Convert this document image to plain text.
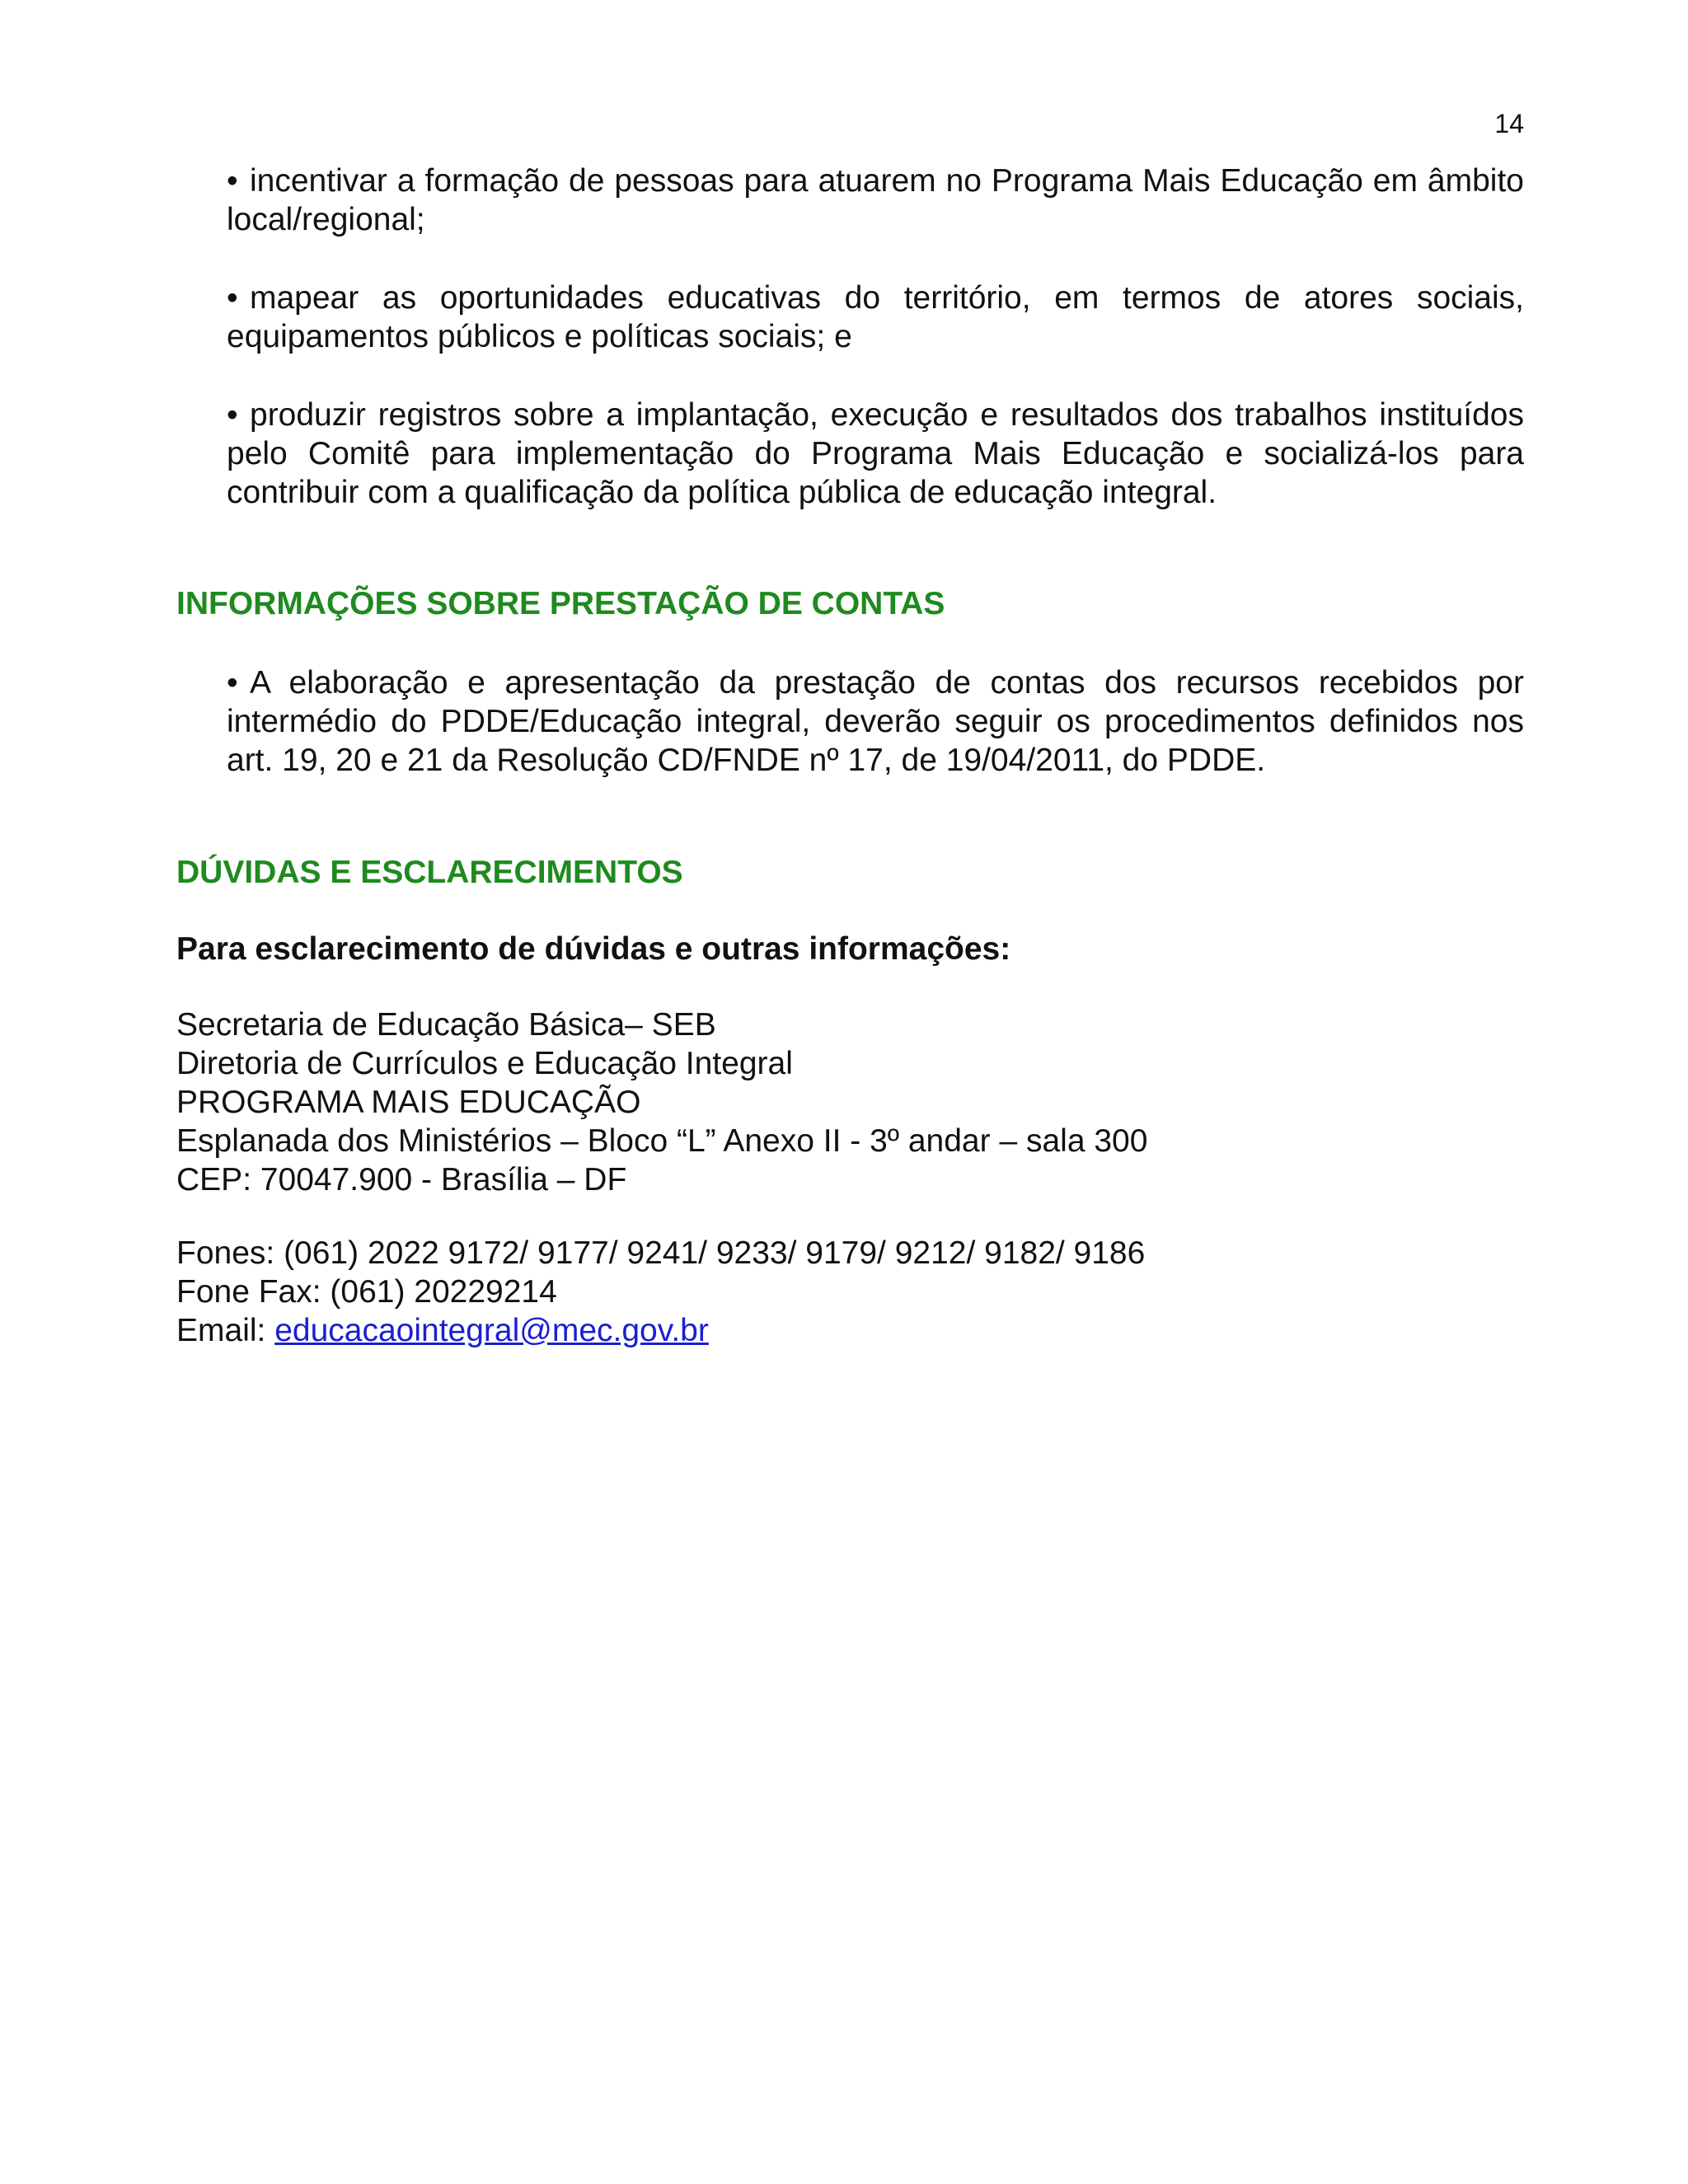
14
• incentivar a formação de pessoas para atuarem no Programa Mais Educação em âmbito local/regional;
• mapear as oportunidades educativas do território, em termos de atores sociais, equipamentos públicos e políticas sociais; e
• produzir registros sobre a implantação, execução e resultados dos trabalhos instituídos pelo Comitê para implementação do Programa Mais Educação e socializá-los para contribuir com a qualificação da política pública de educação integral.
INFORMAÇÕES SOBRE PRESTAÇÃO DE CONTAS
• A elaboração e apresentação da prestação de contas dos recursos recebidos por intermédio do PDDE/Educação integral, deverão seguir os procedimentos definidos nos art. 19, 20 e 21 da Resolução CD/FNDE nº 17, de 19/04/2011, do PDDE.
DÚVIDAS E ESCLARECIMENTOS
Para esclarecimento de dúvidas e outras informações:
Secretaria de Educação Básica– SEB
Diretoria de Currículos e Educação Integral
PROGRAMA MAIS EDUCAÇÃO
Esplanada dos Ministérios – Bloco “L” Anexo II - 3º andar – sala 300
CEP: 70047.900 - Brasília – DF
Fones: (061) 2022 9172/ 9177/ 9241/ 9233/ 9179/ 9212/ 9182/ 9186
Fone Fax: (061) 20229214
Email: educacaointegral@mec.gov.br
